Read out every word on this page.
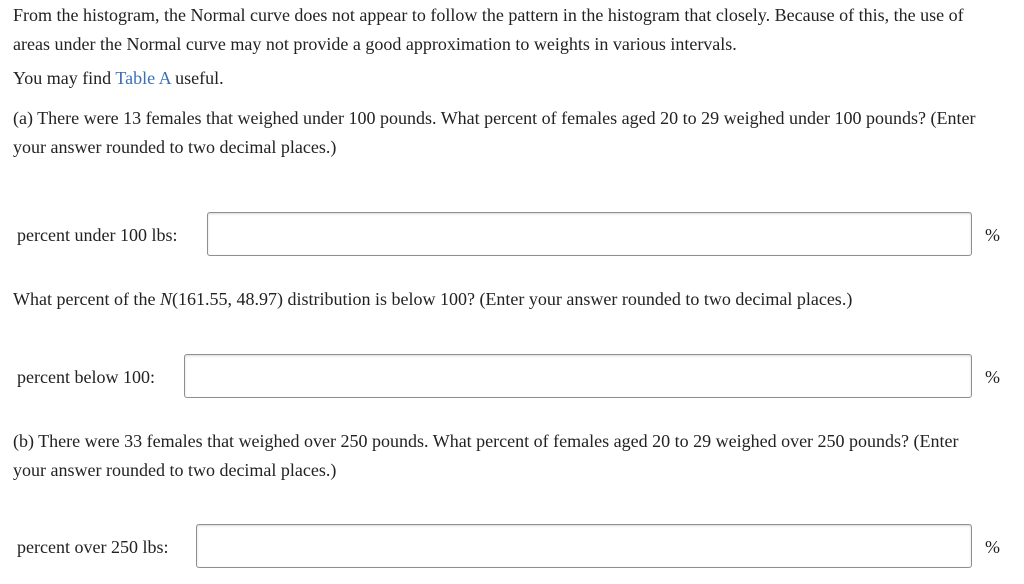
From the histogram, the Normal curve does not appear to follow the pattern in the histogram that closely. Because of this, the use of areas under the Normal curve may not provide a good approximation to weights in various intervals.

You may find Table A useful.

(a) There were 13 females that weighed under 100 pounds. What percent of females aged 20 to 29 weighed under 100 pounds? (Enter your answer rounded to two decimal places.)

percent under 100 lbs:	%

What percent of the N(161.55, 48.97) distribution is below 100? (Enter your answer rounded to two decimal places.)

percent below 100:	%

(b) There were 33 females that weighed over 250 pounds. What percent of females aged 20 to 29 weighed over 250 pounds? (Enter your answer rounded to two decimal places.)

percent over 250 lbs:	%
